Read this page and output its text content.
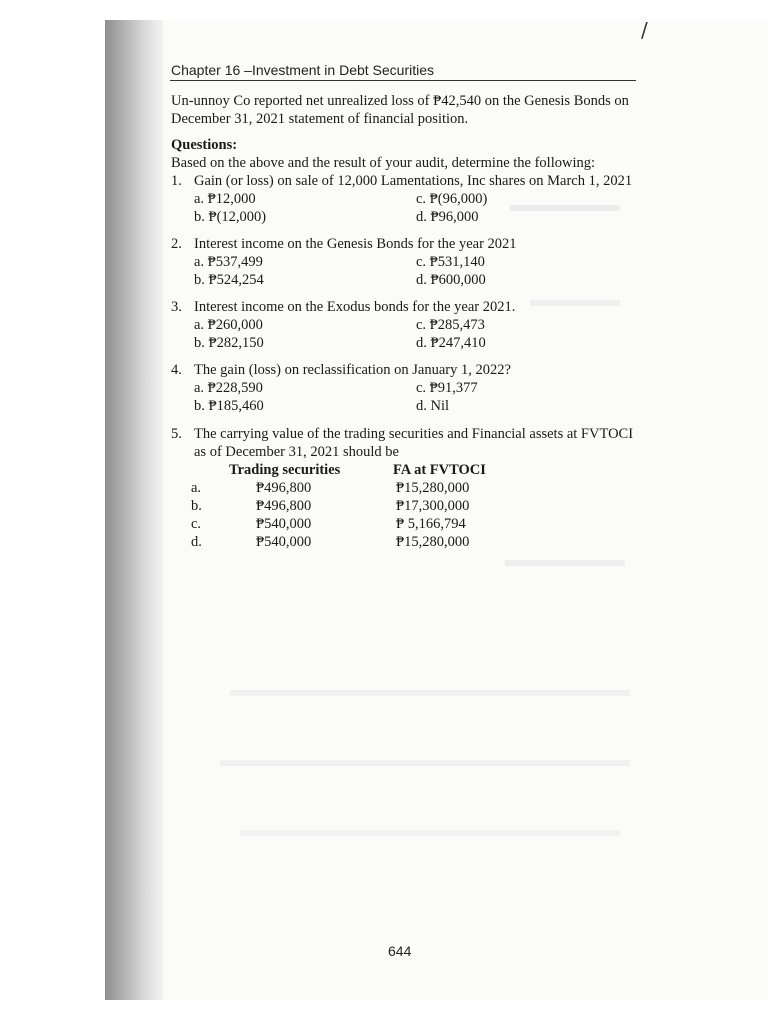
/
Chapter 16 –Investment in Debt Securities
Un-unnoy Co reported net unrealized loss of ₱42,540 on the Genesis Bonds on
December 31, 2021 statement of financial position.
Questions:
Based on the above and the result of your audit, determine the following:
1. Gain (or loss) on sale of 12,000 Lamentations, Inc shares on March 1, 2021
a. ₱12,000	c. ₱(96,000)
b. ₱(12,000)	d. ₱96,000
2. Interest income on the Genesis Bonds for the year 2021
a. ₱537,499	c. ₱531,140
b. ₱524,254	d. ₱600,000
3. Interest income on the Exodus bonds for the year 2021.
a. ₱260,000	c. ₱285,473
b. ₱282,150	d. ₱247,410
4. The gain (loss) on reclassification on January 1, 2022?
a. ₱228,590	c. ₱91,377
b. ₱185,460	d. Nil
5. The carrying value of the trading securities and Financial assets at FVTOCI
as of December 31, 2021 should be
Trading securities	FA at FVTOCI
a.	₱496,800	₱15,280,000
b.	₱496,800	₱17,300,000
c.	₱540,000	₱ 5,166,794
d.	₱540,000	₱15,280,000
644
